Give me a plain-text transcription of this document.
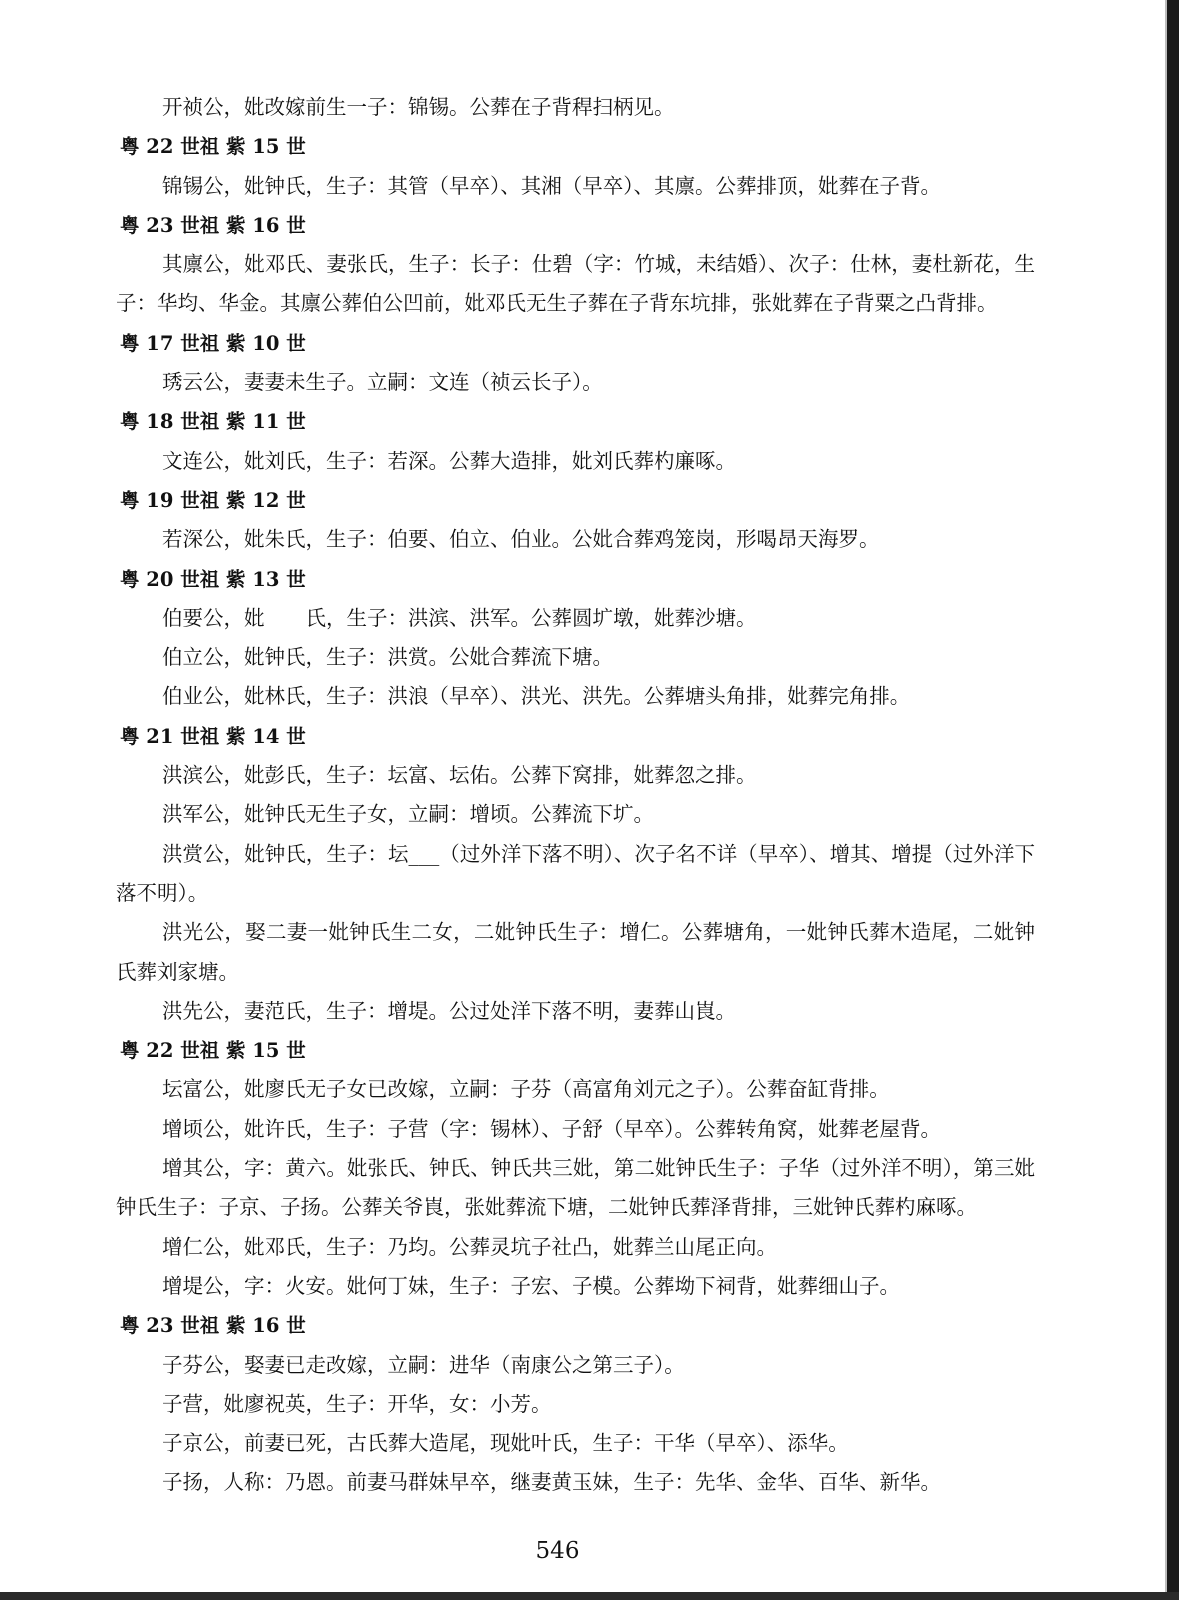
开祯公，妣改嫁前生一子：锦锡。公葬在子背稈扫柄见。
粤 22 世祖 紫 15 世
锦锡公，妣钟氏，生子：其管（早卒）、其湘（早卒）、其廪。公葬排顶，妣葬在子背。
粤 23 世祖 紫 16 世
其廪公，妣邓氏、妻张氏，生子：长子：仕碧（字：竹城，未结婚）、次子：仕林，妻杜新花，生子：华均、华金。其廪公葬伯公凹前，妣邓氏无生子葬在子背东坑排，张妣葬在子背粟之凸背排。
粤 17 世祖 紫 10 世
琇云公，妻妻未生子。立嗣：文连（祯云长子）。
粤 18 世祖 紫 11 世
文连公，妣刘氏，生子：若深。公葬大造排，妣刘氏葬杓廉啄。
粤 19 世祖 紫 12 世
若深公，妣朱氏，生子：伯要、伯立、伯业。公妣合葬鸡笼岗，形喝昂天海罗。
粤 20 世祖 紫 13 世
伯要公，妣　　氏，生子：洪滨、洪军。公葬圆圹墩，妣葬沙塘。
伯立公，妣钟氏，生子：洪赏。公妣合葬流下塘。
伯业公，妣林氏，生子：洪浪（早卒）、洪光、洪先。公葬塘头角排，妣葬完角排。
粤 21 世祖 紫 14 世
洪滨公，妣彭氏，生子：坛富、坛佑。公葬下窝排，妣葬忽之排。
洪军公，妣钟氏无生子女，立嗣：增顷。公葬流下圹。
洪赏公，妣钟氏，生子：坛___（过外洋下落不明）、次子名不详（早卒）、增其、增提（过外洋下落不明）。
洪光公，娶二妻一妣钟氏生二女，二妣钟氏生子：增仁。公葬塘角，一妣钟氏葬木造尾，二妣钟氏葬刘家塘。
洪先公，妻范氏，生子：增堤。公过处洋下落不明，妻葬山崀。
粤 22 世祖 紫 15 世
坛富公，妣廖氏无子女已改嫁，立嗣：子芬（高富角刘元之子）。公葬奋缸背排。
增顷公，妣许氏，生子：子营（字：锡林）、子舒（早卒）。公葬转角窝，妣葬老屋背。
增其公，字：黄六。妣张氏、钟氏、钟氏共三妣，第二妣钟氏生子：子华（过外洋不明），第三妣钟氏生子：子京、子扬。公葬关爷崀，张妣葬流下塘，二妣钟氏葬泽背排，三妣钟氏葬杓麻啄。
增仁公，妣邓氏，生子：乃均。公葬灵坑子社凸，妣葬兰山尾正向。
增堤公，字：火安。妣何丁妹，生子：子宏、子模。公葬坳下祠背，妣葬细山子。
粤 23 世祖 紫 16 世
子芬公，娶妻已走改嫁，立嗣：进华（南康公之第三子）。
子营，妣廖祝英，生子：开华，女：小芳。
子京公，前妻已死，古氏葬大造尾，现妣叶氏，生子：干华（早卒）、添华。
子扬，人称：乃恩。前妻马群妹早卒，继妻黄玉妹，生子：先华、金华、百华、新华。
546
